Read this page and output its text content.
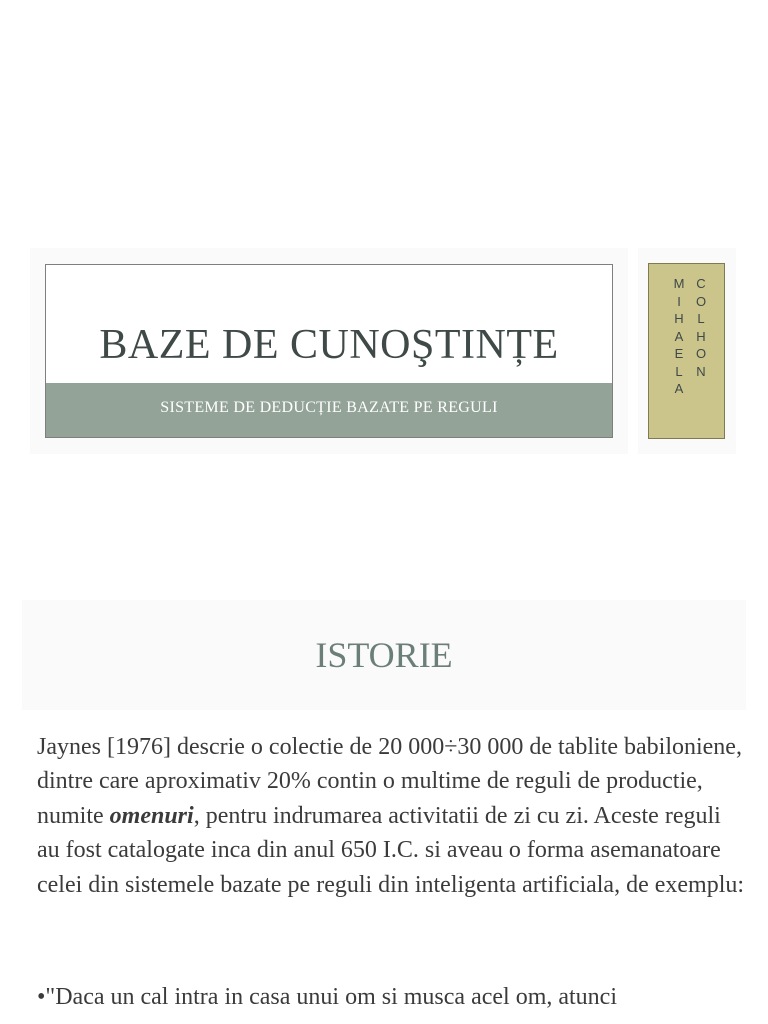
BAZE DE CUNOŞTINȚE
SISTEME DE DEDUCȚIE BAZATE PE REGULI
M
I
H
A
E
L
A
C
O
L
H
O
N
ISTORIE

Jaynes [1976] descrie o colectie de 20 000÷30 000 de tablite babiloniene, dintre care aproximativ 20% contin o multime de reguli de productie, numite omenuri, pentru indrumarea activitatii de zi cu zi. Aceste reguli au fost catalogate inca din anul 650 I.C. si aveau o forma asemanatoare celei din sistemele bazate pe reguli din inteligenta artificiala, de exemplu:

•"Daca un cal intra in casa unui om si musca acel om, atunci
